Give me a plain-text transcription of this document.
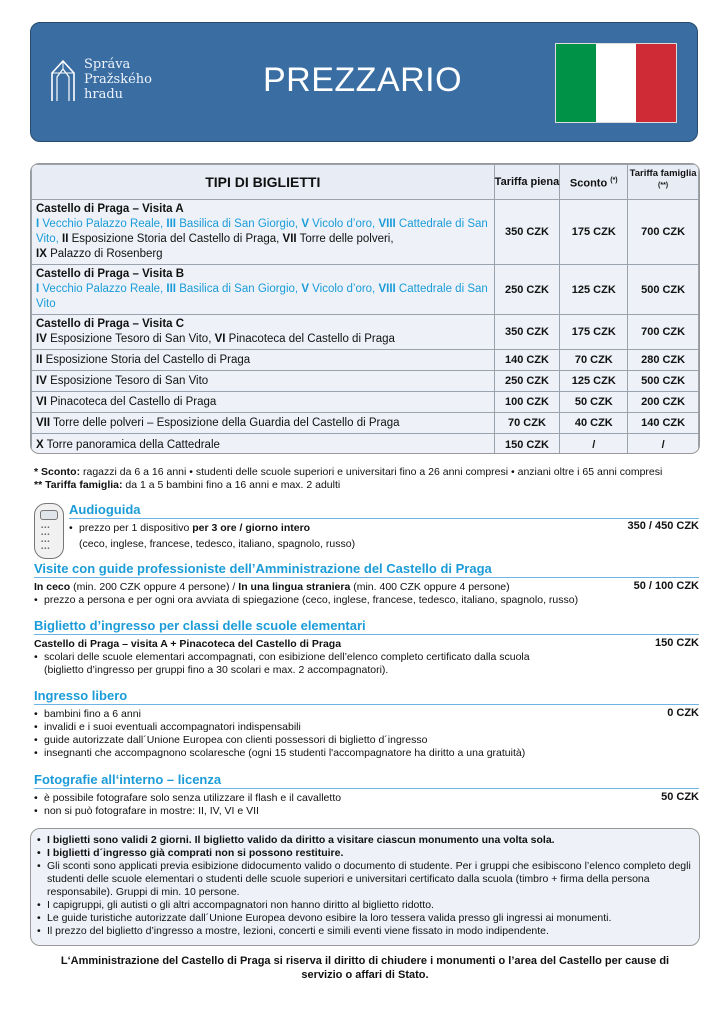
Správa
Pražského
hradu	PREZZARIO
TIPI DI BIGLIETTI	Tariffa piena	Sconto (*)	Tariffa famiglia (**)

Castello di Praga – Visita A
I Vecchio Palazzo Reale, III Basilica di San Giorgio, V Vicolo d’oro, VIII Cattedrale di San Vito, II Esposizione Storia del Castello di Praga, VII Torre delle polveri,
IX Palazzo di Rosenberg	350 CZK	175 CZK	700 CZK

Castello di Praga – Visita B
I Vecchio Palazzo Reale, III Basilica di San Giorgio, V Vicolo d’oro, VIII Cattedrale di San Vito	250 CZK	125 CZK	500 CZK

Castello di Praga – Visita C
IV Esposizione Tesoro di San Vito, VI Pinacoteca del Castello di Praga	350 CZK	175 CZK	700 CZK
II Esposizione Storia del Castello di Praga	140 CZK	70 CZK	280 CZK
IV Esposizione Tesoro di San Vito	250 CZK	125 CZK	500 CZK
VI Pinacoteca del Castello di Praga	100 CZK	50 CZK	200 CZK
VII Torre delle polveri – Esposizione della Guardia del Castello di Praga	70 CZK	40 CZK	140 CZK
X Torre panoramica della Cattedrale	150 CZK	/	/
* Sconto: ragazzi da 6 a 16 anni • studenti delle scuole superiori e universitari fino a 26 anni compresi • anziani oltre i 65 anni compresi
** Tariffa famiglia: da 1 a 5 bambini fino a 16 anni e max. 2 adulti
▪▪▪
▪▪▪
▪▪▪
▪▪▪
Audioguida
• prezzo per 1 dispositivo per 3 ore / giorno intero
(ceco, inglese, francese, tedesco, italiano, spagnolo, russo)
350 / 450 CZK
Visite con guide professioniste dell’Amministrazione del Castello di Praga
In ceco (min. 200 CZK oppure 4 persone) / In una lingua straniera (min. 400 CZK oppure 4 persone)
• prezzo a persona e per ogni ora avviata di spiegazione (ceco, inglese, francese, tedesco, italiano, spagnolo, russo)
50 / 100 CZK
Biglietto d’ingresso per classi delle scuole elementari
Castello di Praga – visita A + Pinacoteca del Castello di Praga
• scolari delle scuole elementari accompagnati, con esibizione dell’elenco completo certificato dalla scuola
(biglietto d’ingresso per gruppi fino a 30 scolari e max. 2 accompagnatori).
150 CZK
Ingresso libero
• bambini fino a 6 anni
• invalidi e i suoi eventuali accompagnatori indispensabili
• guide autorizzate dall´Unione Europea con clienti possessori di biglietto d´ingresso
• insegnanti che accompagnono scolaresche (ogni 15 studenti l'accompagnatore ha diritto a una gratuità)
0 CZK
Fotografie all‘interno – licenza
• è possibile fotografare solo senza utilizzare il flash e il cavalletto
• non si può fotografare in mostre: II, IV, VI e VII
50 CZK
• I biglietti sono validi 2 giorni. Il biglietto valido da diritto a visitare ciascun monumento una volta sola.
• I biglietti d´ingresso già comprati non si possono restituire.
• Gli sconti sono applicati previa esibizione didocumento valido o documento di studente. Per i gruppi che esibiscono l’elenco completo degli studenti delle scuole elementari o studenti delle scuole superiori e universitari certificato dalla scuola (timbro + firma della persona responsabile). Gruppi di min. 10 persone.
• I capigruppi, gli autisti o gli altri accompagnatori non hanno diritto al biglietto ridotto.
• Le guide turistiche autorizzate dall´Unione Europea devono esibire la loro tessera valida presso gli ingressi ai monumenti.
• Il prezzo del biglietto d’ingresso a mostre, lezioni, concerti e simili eventi viene fissato in modo indipendente.
L‘Amministrazione del Castello di Praga si riserva il diritto di chiudere i monumenti o l’area del Castello per cause di servizio o affari di Stato.
